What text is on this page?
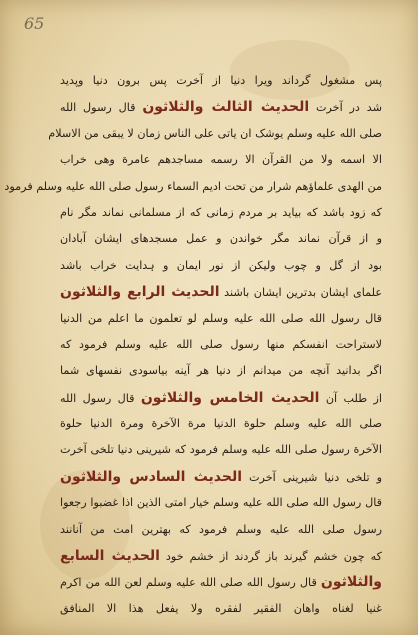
65
پس مشغول گرداند ویرا دنیا از آخرت پس برون دنیا وپدید
شد در آخرت الحدیث الثالث والثلاثون قال رسول الله
صلی الله علیه وسلم یوشک ان یاتی علی الناس زمان لا یبقی من الاسلام
الا اسمه ولا من القرآن الا رسمه مساجدهم عامرة وهی خراب
من الهدی علماؤهم شرار من تحت ادیم السماء رسول صلی الله علیه وسلم فرمود
که زود باشد که بیاید بر مردم زمانی که از مسلمانی نماند مگر نام
و از قرآن نماند مگر خواندن و عمل مسجدهای ایشان آبادان
بود از گل و چوب ولیکن از نور ایمان و ہدایت خراب باشد
علمای ایشان بدترین ایشان باشند الحدیث الرابع والثلاثون
قال رسول الله صلی الله علیه وسلم لو تعلمون ما اعلم من الدنیا
لاستراحت انفسکم منها رسول صلی الله علیه وسلم فرمود که
اگر بدانید آنچه من میدانم از دنیا هر آینه بیاسودی نفسهای شما
از طلب آن الحدیث الخامس والثلاثون قال رسول الله
صلی الله علیه وسلم حلوة الدنیا مرة الآخرة ومرة الدنیا حلوة
الآخرة رسول صلی الله علیه وسلم فرمود که شیرینی دنیا تلخی آخرت
و تلخی دنیا شیرینی آخرت الحدیث السادس والثلاثون
قال رسول الله صلی الله علیه وسلم خیار امتی الذین اذا غضبوا رجعوا
رسول صلی الله علیه وسلم فرمود که بهترین امت من آنانند
که چون خشم گیرند باز گردند از خشم خود الحدیث السابع
والثلاثون قال رسول الله صلی الله علیه وسلم لعن الله من اکرم
غنیا لغناه واهان الفقیر لفقره ولا یفعل هذا الا المنافق
